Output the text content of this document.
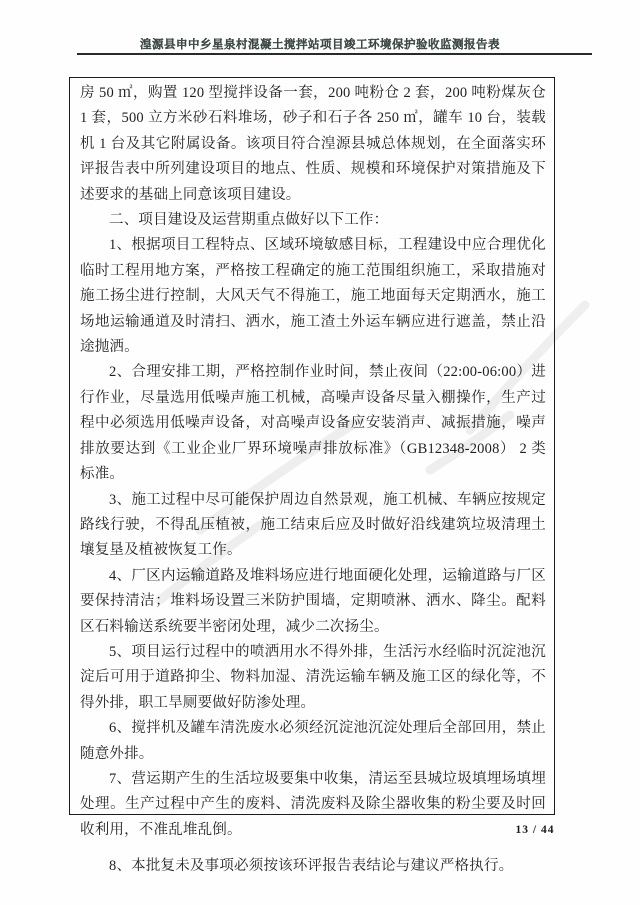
湟源县申中乡星泉村混凝土搅拌站项目竣工环境保护验收监测报告表

房 50 ㎡，购置 120 型搅拌设备一套，200 吨粉仓 2 套，200 吨粉煤灰仓 1 套，500 立方米砂石料堆场，砂子和石子各 250 ㎡，罐车 10 台，装载机 1 台及其它附属设备。该项目符合湟源县城总体规划，在全面落实环评报告表中所列建设项目的地点、性质、规模和环境保护对策措施及下述要求的基础上同意该项目建设。

二、项目建设及运营期重点做好以下工作：

1、根据项目工程特点、区域环境敏感目标，工程建设中应合理优化临时工程用地方案，严格按工程确定的施工范围组织施工，采取措施对施工扬尘进行控制，大风天气不得施工，施工地面每天定期洒水，施工场地运输通道及时清扫、洒水，施工渣土外运车辆应进行遮盖，禁止沿途抛洒。

2、合理安排工期，严格控制作业时间，禁止夜间（22:00-06:00）进行作业，尽量选用低噪声施工机械，高噪声设备尽量入棚操作，生产过程中必须选用低噪声设备，对高噪声设备应安装消声、减振措施，噪声排放要达到《工业企业厂界环境噪声排放标准》（GB12348-2008） 2 类标准。

3、施工过程中尽可能保护周边自然景观，施工机械、车辆应按规定路线行驶，不得乱压植被，施工结束后应及时做好沿线建筑垃圾清理土壤复垦及植被恢复工作。

4、厂区内运输道路及堆料场应进行地面硬化处理，运输道路与厂区要保持清洁；堆料场设置三米防护围墙，定期喷淋、洒水、降尘。配料区石料输送系统要半密闭处理，减少二次扬尘。

5、项目运行过程中的喷洒用水不得外排，生活污水经临时沉淀池沉淀后可用于道路抑尘、物料加湿、清洗运输车辆及施工区的绿化等，不得外排，职工旱厕要做好防渗处理。

6、搅拌机及罐车清洗废水必须经沉淀池沉淀处理后全部回用，禁止随意外排。

7、营运期产生的生活垃圾要集中收集，清运至县城垃圾填埋场填埋处理。生产过程中产生的废料、清洗废料及除尘器收集的粉尘要及时回收利用，不准乱堆乱倒。

8、本批复未及事项必须按该环评报告表结论与建议严格执行。

13 / 44
